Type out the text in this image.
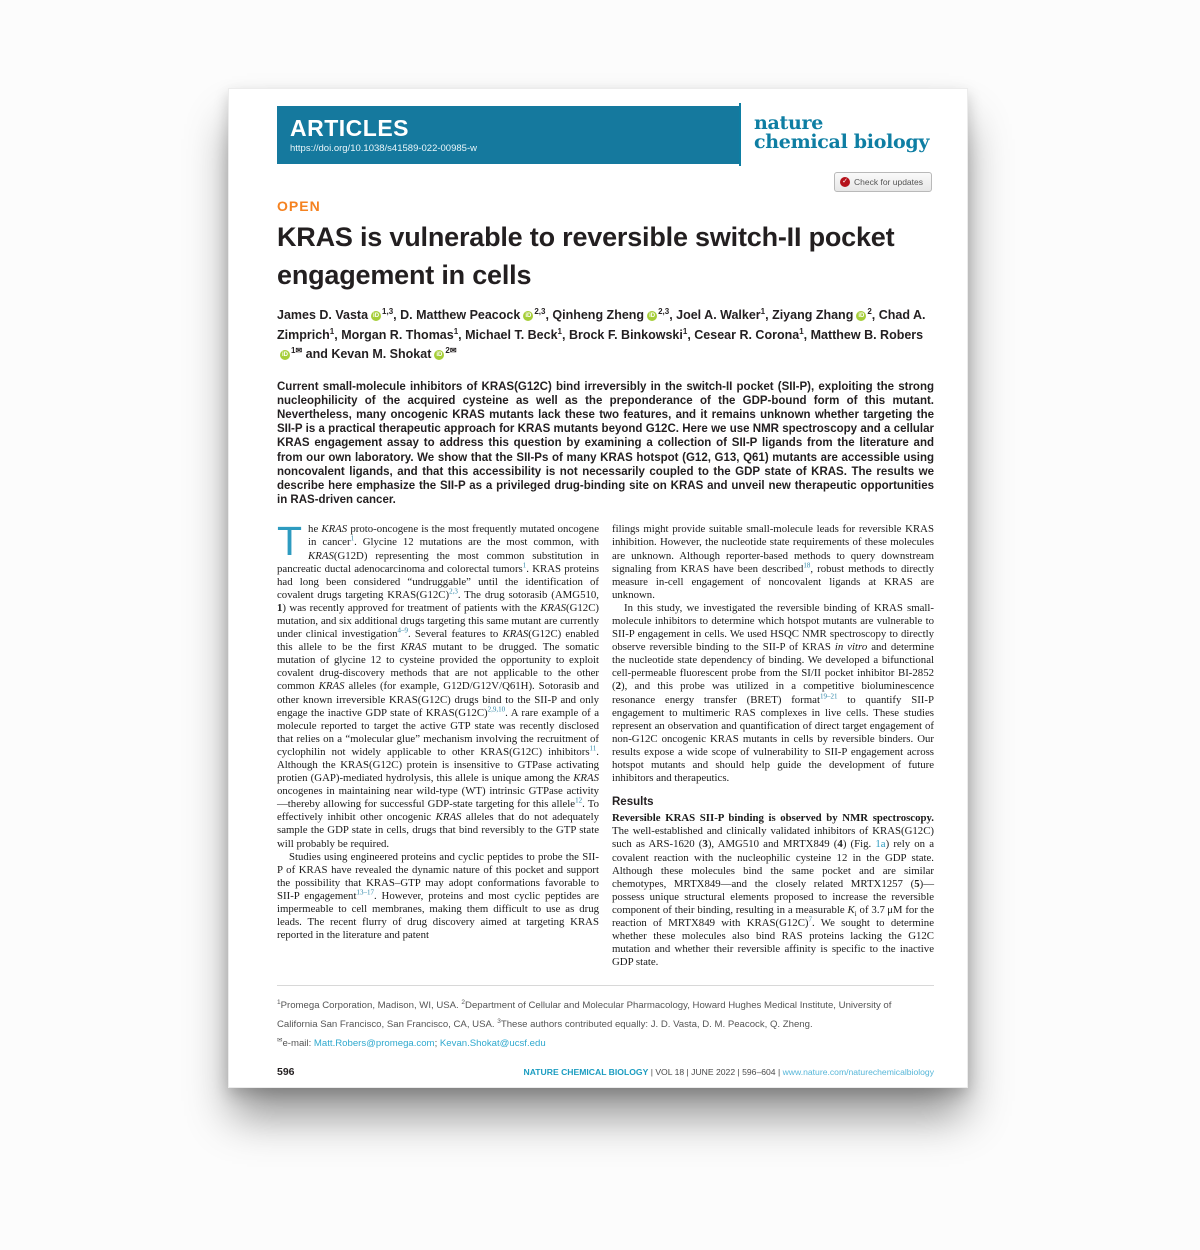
ARTICLES
https://doi.org/10.1038/s41589-022-00985-w
nature
chemical biology
✓ Check for updates
OPEN
KRAS is vulnerable to reversible switch-II pocket engagement in cells
James D. Vasta iD$^{1,3}$, D. Matthew Peacock iD$^{2,3}$, Qinheng Zheng iD$^{2,3}$, Joel A. Walker$^1$, Ziyang Zhang $iD^2$, Chad A. Zimprich$^1$, Morgan R. Thomas$^1$, Michael T. Beck$^1$, Brock F. Binkowski$^1$, Cesear R. Corona$^1$, Matthew B. RobersiD$^{1✉}$ and Kevan M. Shokat $iD^{2✉}$
Current small-molecule inhibitors of KRAS(G12C) bind irreversibly in the switch-II pocket (SII-P), exploiting the strong nucleophilicity of the acquired cysteine as well as the preponderance of the GDP-bound form of this mutant. Nevertheless, many oncogenic KRAS mutants lack these two features, and it remains unknown whether targeting the SII-P is a practical therapeutic approach for KRAS mutants beyond G12C. Here we use NMR spectroscopy and a cellular KRAS engagement assay to address this question by examining a collection of SII-P ligands from the literature and from our own laboratory. We show that the SII-Ps of many KRAS hotspot (G12, G13, Q61) mutants are accessible using noncovalent ligands, and that this accessibility is not necessarily coupled to the GDP state of KRAS. The results we describe here emphasize the SII-P as a privileged drug-binding site on KRAS and unveil new therapeutic opportunities in RAS-driven cancer.

The KRAS proto-oncogene is the most frequently mutated oncogene in cancer$^1$. Glycine 12 mutations are the most common, with KRAS(G12D) representing the most common substitution in pancreatic ductal adenocarcinoma and colorectal tumors$^1$. KRAS proteins had long been considered “undruggable” until the identification of covalent drugs targeting KRAS(G12C)$^{2,3}$. The drug sotorasib (AMG510, 1) was recently approved for treatment of patients with the KRAS(G12C) mutation, and six additional drugs targeting this same mutant are currently under clinical investigation$^{4-9}$. Several features to KRAS(G12C) enabled this allele to be the first KRAS mutant to be drugged. The somatic mutation of glycine 12 to cysteine provided the opportunity to exploit covalent drug-discovery methods that are not applicable to the other common KRAS alleles (for example, G12D/G12V/Q61H). Sotorasib and other known irreversible KRAS(G12C) drugs bind to the SII-P and only engage the inactive GDP state of KRAS(G12C)$^{2,9,10}$. A rare example of a molecule reported to target the active GTP state was recently disclosed that relies on a “molecular glue” mechanism involving the recruitment of cyclophilin not widely applicable to other KRAS(G12C) inhibitors$^{11}$. Although the KRAS(G12C) protein is insensitive to GTPase activating protien (GAP)-mediated hydrolysis, this allele is unique among the KRAS oncogenes in maintaining near wild-type (WT) intrinsic GTPase activity—thereby allowing for successful GDP-state targeting for this allele$^{12}$. To effectively inhibit other oncogenic KRAS alleles that do not adequately sample the GDP state in cells, drugs that bind reversibly to the GTP state will probably be required.

Studies using engineered proteins and cyclic peptides to probe the SII-P of KRAS have revealed the dynamic nature of this pocket and support the possibility that KRAS–GTP may adopt conformations favorable to SII-P engagement$^{13-17}$. However, proteins and most cyclic peptides are impermeable to cell membranes, making them difficult to use as drug leads. The recent flurry of drug discovery aimed at targeting KRAS reported in the literature and patent

filings might provide suitable small-molecule leads for reversible KRAS inhibition. However, the nucleotide state requirements of these molecules are unknown. Although reporter-based methods to query downstream signaling from KRAS have been described$^{18}$, robust methods to directly measure in-cell engagement of noncovalent ligands at KRAS are unknown.

In this study, we investigated the reversible binding of KRAS small-molecule inhibitors to determine which hotspot mutants are vulnerable to SII-P engagement in cells. We used HSQC NMR spectroscopy to directly observe reversible binding to the SII-P of KRAS in vitro and determine the nucleotide state dependency of binding. We developed a bifunctional cell-permeable fluorescent probe from the SI/II pocket inhibitor BI-2852 (2), and this probe was utilized in a competitive bioluminescence resonance energy transfer (BRET) format$^{19-21}$ to quantify SII-P engagement to multimeric RAS complexes in live cells. These studies represent an observation and quantification of direct target engagement of non-G12C oncogenic KRAS mutants in cells by reversible binders. Our results expose a wide scope of vulnerability to SII-P engagement across hotspot mutants and should help guide the development of future inhibitors and therapeutics.

Results

Reversible KRAS SII-P binding is observed by NMR spectroscopy. The well-established and clinically validated inhibitors of KRAS(G12C) such as ARS-1620 (3), AMG510 and MRTX849 (4) (Fig. 1a) rely on a covalent reaction with the nucleophilic cysteine 12 in the GDP state. Although these molecules bind the same pocket and are similar chemotypes, MRTX849—and the closely related MRTX1257 (5)—possess unique structural elements proposed to increase the reversible component of their binding, resulting in a measurable $K_i$ of 3.7 μM for the reaction of MRTX849 with KRAS(G12C)$^7$. We sought to determine whether these molecules also bind RAS proteins lacking the G12C mutation and whether their reversible affinity is specific to the inactive GDP state.

$^1$Promega Corporation, Madison, WI, USA. $^2$Department of Cellular and Molecular Pharmacology, Howard Hughes Medical Institute, University of California San Francisco, San Francisco, CA, USA. $^3$These authors contributed equally: J. D. Vasta, D. M. Peacock, Q. Zheng.
✉e-mail: Matt.Robers@promega.com; Kevan.Shokat@ucsf.edu
596	NATURE CHEMICAL BIOLOGY | VOL 18 | JUNE 2022 | 596–604 | www.nature.com/naturechemicalbiology
